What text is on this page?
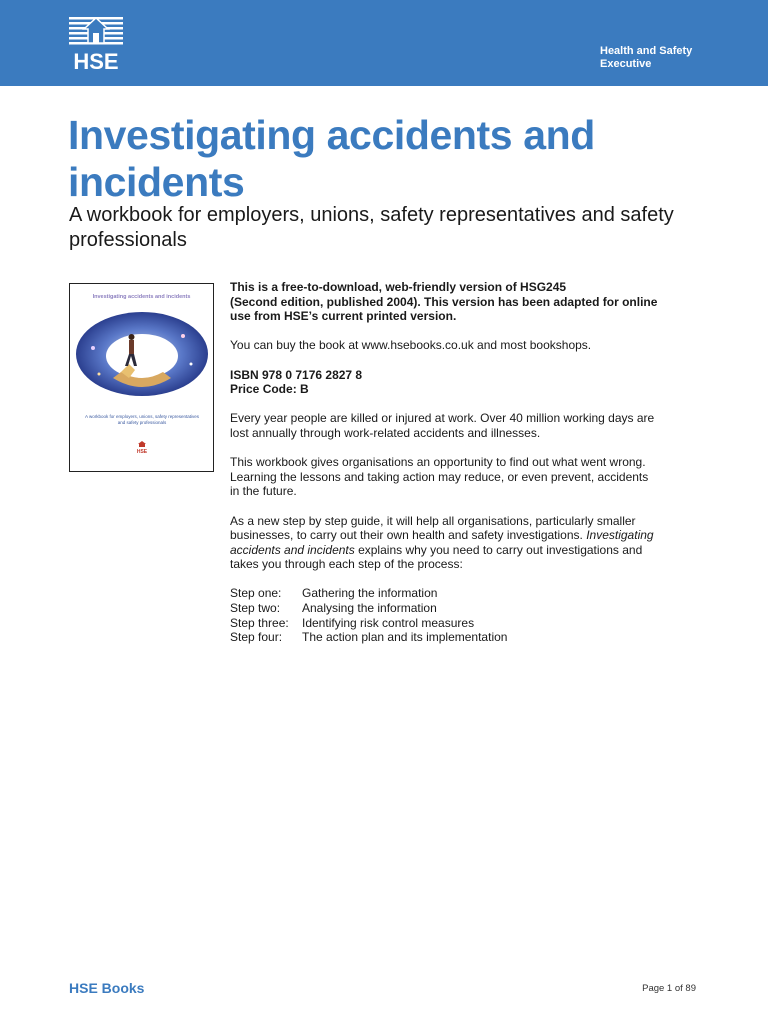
HSE	Health and Safety
Executive
Investigating accidents and incidents
A workbook for employers, unions, safety representatives and safety professionals
Investigating accidents and incidents
A workbook for employers, unions, safety representatives
and safety professionals
HSE

This is a free-to-download, web-friendly version of HSG245
(Second edition, published 2004). This version has been adapted for online
use from HSE’s current printed version.

You can buy the book at www.hsebooks.co.uk and most bookshops.

ISBN 978 0 7176 2827 8
Price Code: B

Every year people are killed or injured at work. Over 40 million working days are
lost annually through work-related accidents and illnesses.

This workbook gives organisations an opportunity to find out what went wrong.
Learning the lessons and taking action may reduce, or even prevent, accidents
in the future.

As a new step by step guide, it will help all organisations, particularly smaller
businesses, to carry out their own health and safety investigations. Investigating
accidents and incidents explains why you need to carry out investigations and
takes you through each step of the process:

Step one:	Gathering the information
Step two:	Analysing the information
Step three:	Identifying risk control measures
Step four:	The action plan and its implementation
HSE Books	Page 1 of 89
